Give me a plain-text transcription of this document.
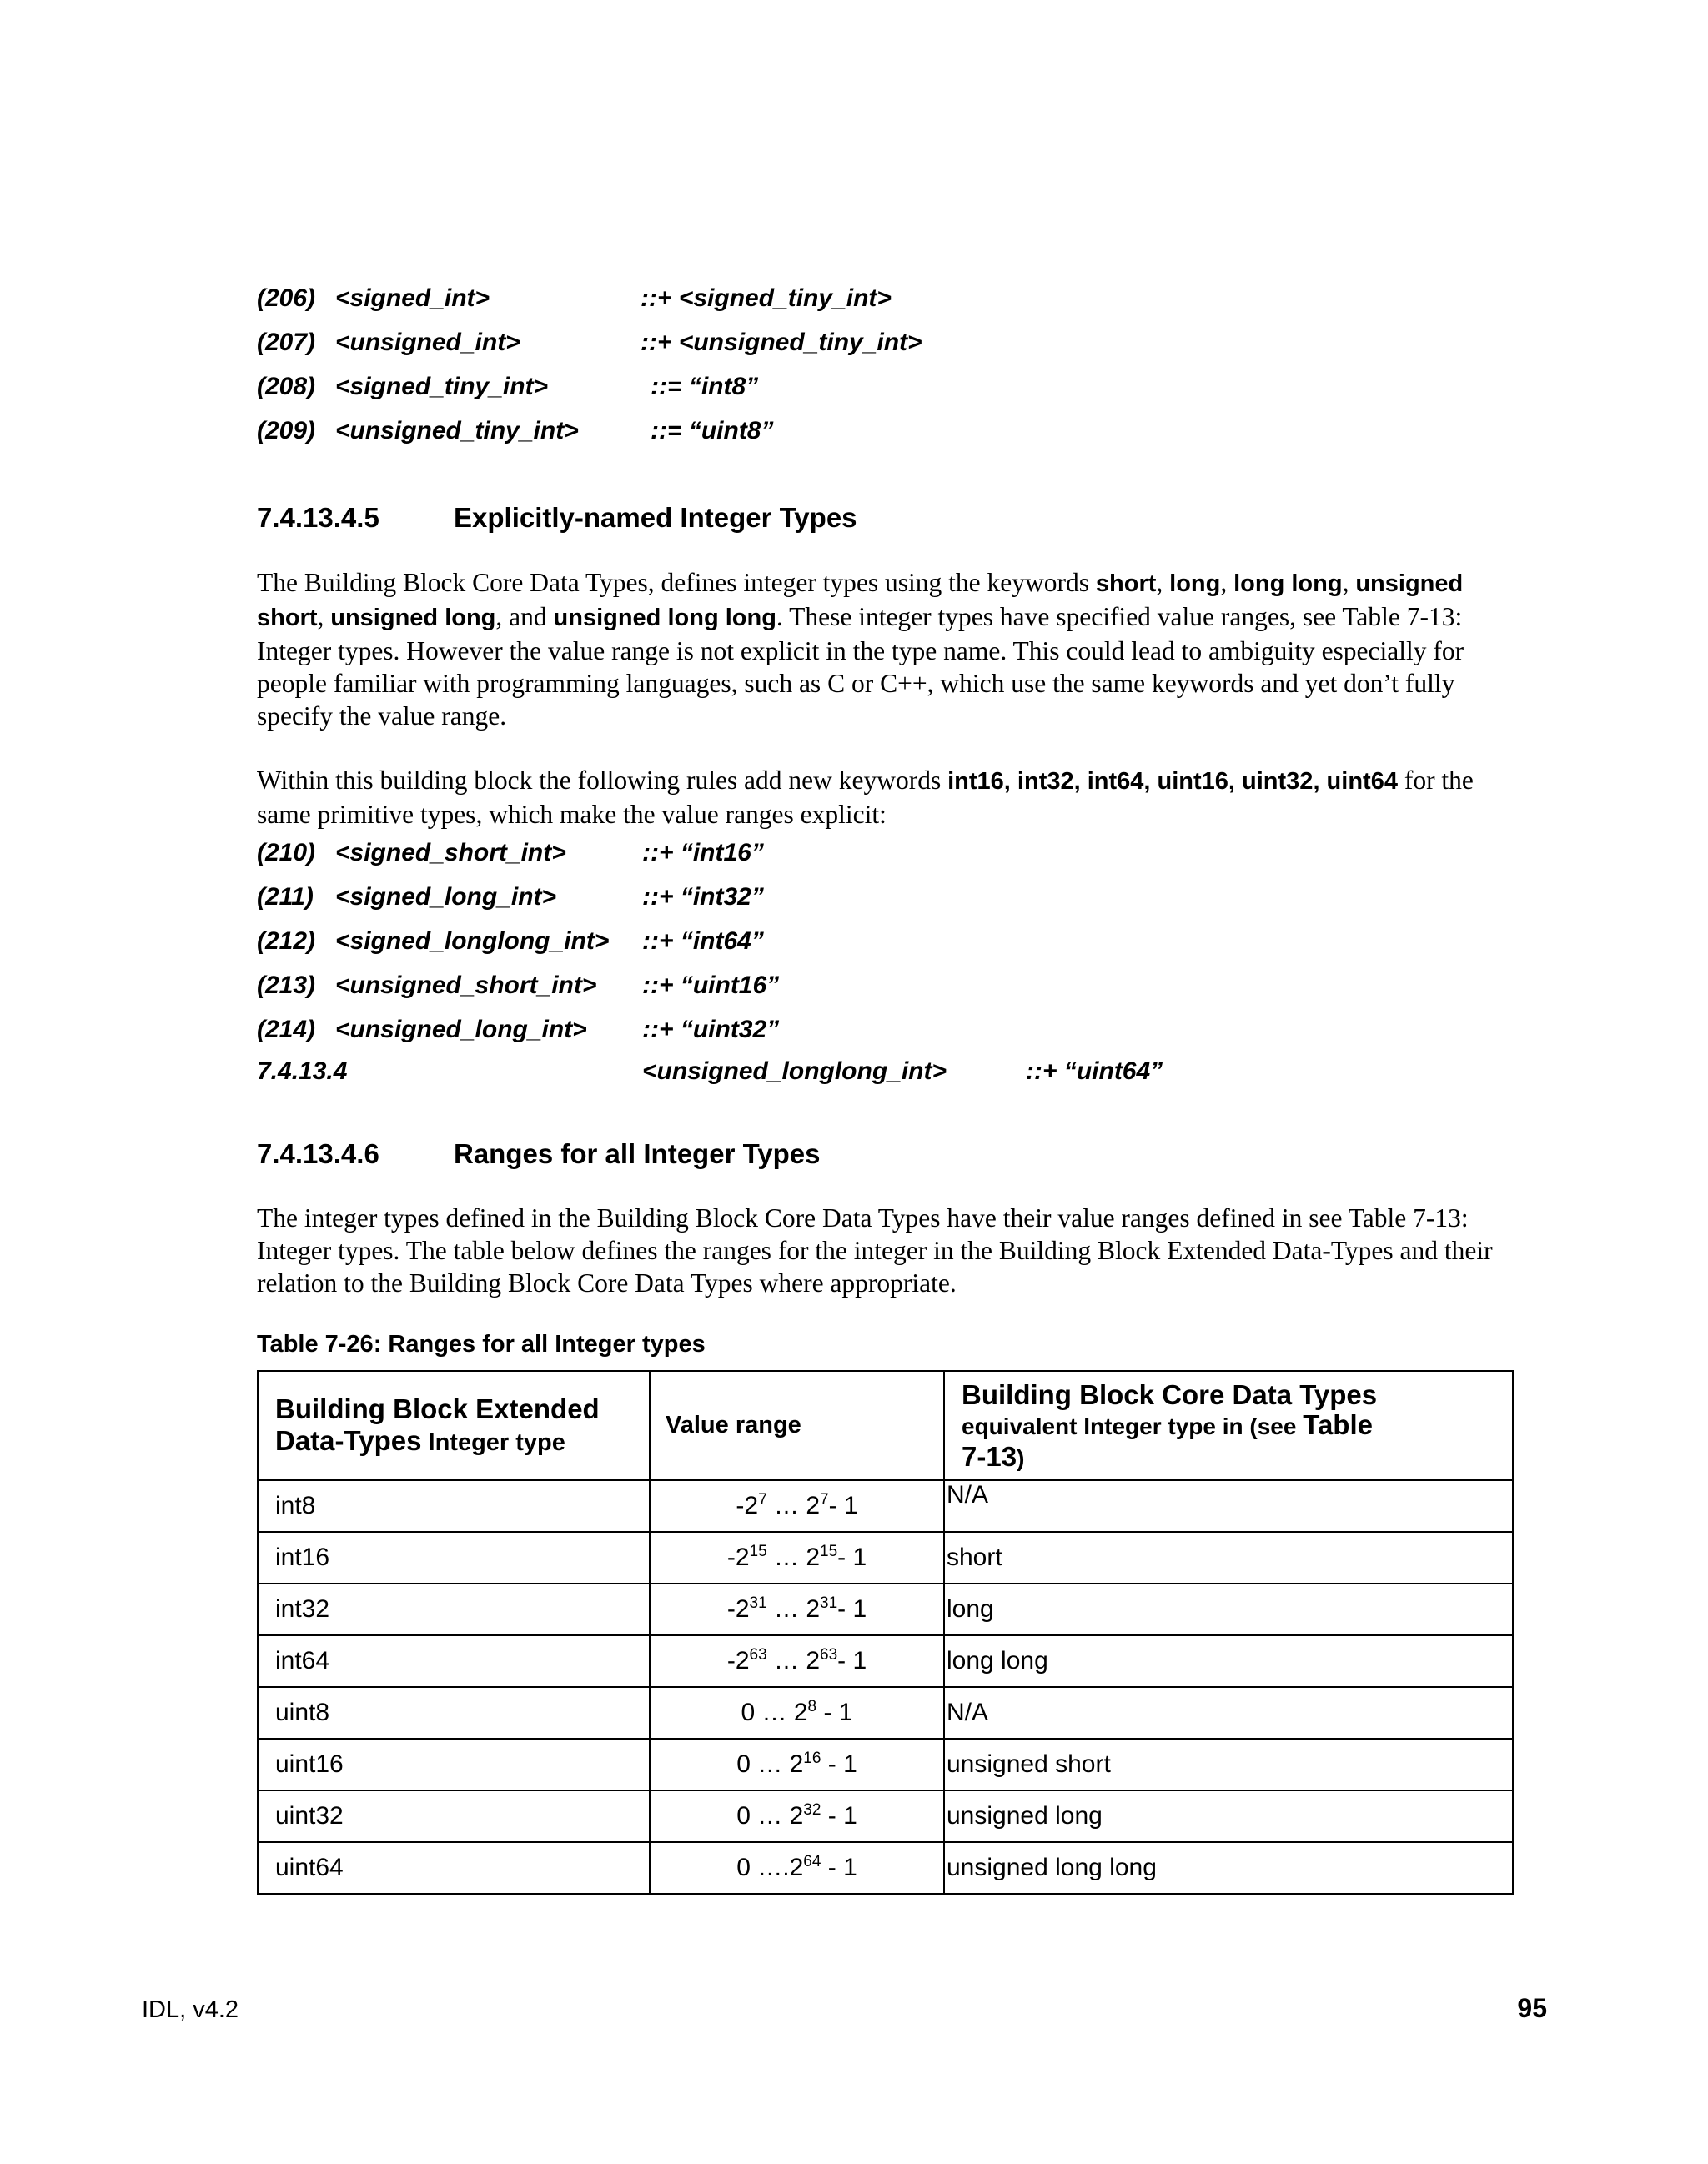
(206) <signed_int>	::+ <signed_tiny_int>
(207) <unsigned_int>	::+ <unsigned_tiny_int>
(208) <signed_tiny_int>	::= “int8”
(209) <unsigned_tiny_int>	::= “uint8”
7.4.13.4.5	Explicitly-named Integer Types
The Building Block Core Data Types, defines integer types using the keywords short, long, long long, unsigned
short, unsigned long, and unsigned long long. These integer types have specified value ranges, see Table 7-13:
Integer types. However the value range is not explicit in the type name. This could lead to ambiguity especially for
people familiar with programming languages, such as C or C++, which use the same keywords and yet don’t fully
specify the value range.
Within this building block the following rules add new keywords int16, int32, int64, uint16, uint32, uint64 for the
same primitive types, which make the value ranges explicit:
(210) <signed_short_int>	::+ “int16”
(211) <signed_long_int>	::+ “int32”
(212) <signed_longlong_int> ::+ “int64”
(213) <unsigned_short_int> ::+ “uint16”
(214) <unsigned_long_int> ::+ “uint32”
7.4.13.4	<unsigned_longlong_int>	::+ “uint64”
7.4.13.4.6	Ranges for all Integer Types
The integer types defined in the Building Block Core Data Types have their value ranges defined in see Table 7-13:
Integer types. The table below defines the ranges for the integer in the Building Block Extended Data-Types and their
relation to the Building Block Core Data Types where appropriate.
Table 7-26: Ranges for all Integer types
Building Block Extended
Data-Types Integer type	Value range	Building Block Core Data Types
equivalent Integer type in (see Table
7-13)
int8	$-2^7$ … $2^7-$ 1	N/A
int16	$-2^{15}$ … $2^{15}-$ 1	short
int32	$-2^{31}$ … $2^{31}-$ 1	long
int64	$-2^{63}$ … $2^{63}-$ 1	long long
uint8	0 … $2^8 - 1$	N/A
uint16	0 … $2^{16} - 1$	unsigned short
uint32	0 … $2^{32} - 1$	unsigned long
uint64	0 $\dots.2^{64} - 1$	unsigned long long
IDL, v4.2	95
